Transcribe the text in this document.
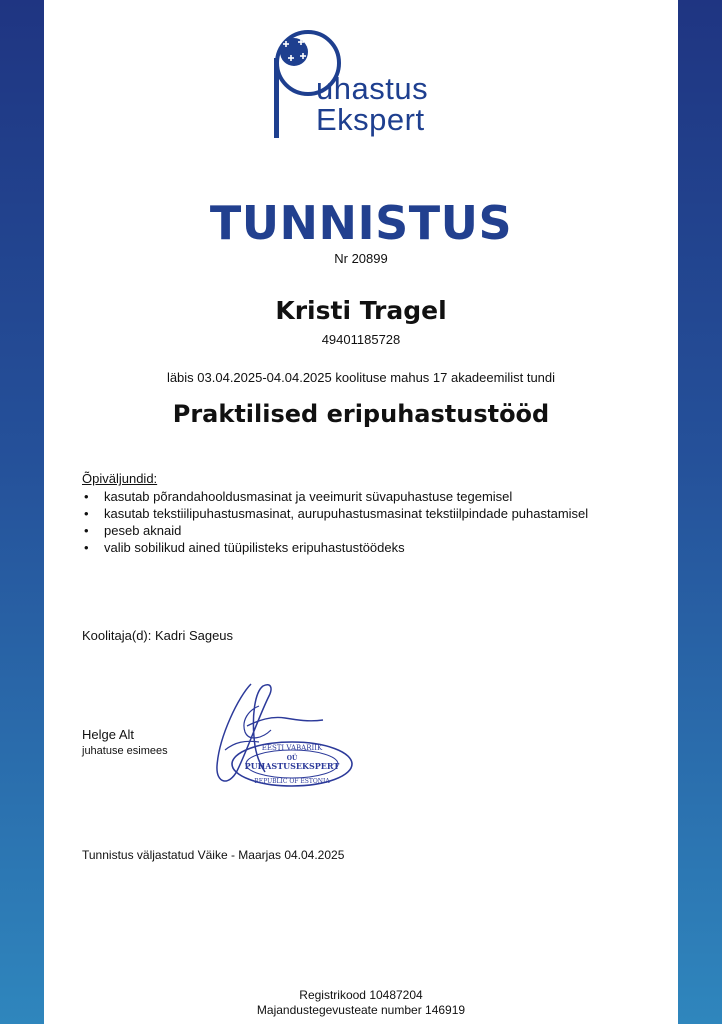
uhastus
Ekspert
TUNNISTUS
Nr 20899
Kristi Tragel
49401185728
läbis 03.04.2025-04.04.2025 koolituse mahus 17 akadeemilist tundi
Praktilised eripuhastustööd
Õpiväljundid:
• kasutab põrandahooldusmasinat ja veeimurit süvapuhastuse tegemisel
• kasutab tekstiilipuhastusmasinat, aurupuhastusmasinat tekstiilpindade puhastamisel
• peseb aknaid
• valib sobilikud ained tüüpilisteks eripuhastustöödeks
Koolitaja(d): Kadri Sageus
Helge Alt
juhatuse esimees	EESTI VABARIIK
OÜ
PUHASTUSEKSPERT
REPUBLIC OF ESTONIA
Tunnistus väljastatud Väike - Maarjas 04.04.2025
Registrikood 10487204
Majandustegevusteate number 146919
